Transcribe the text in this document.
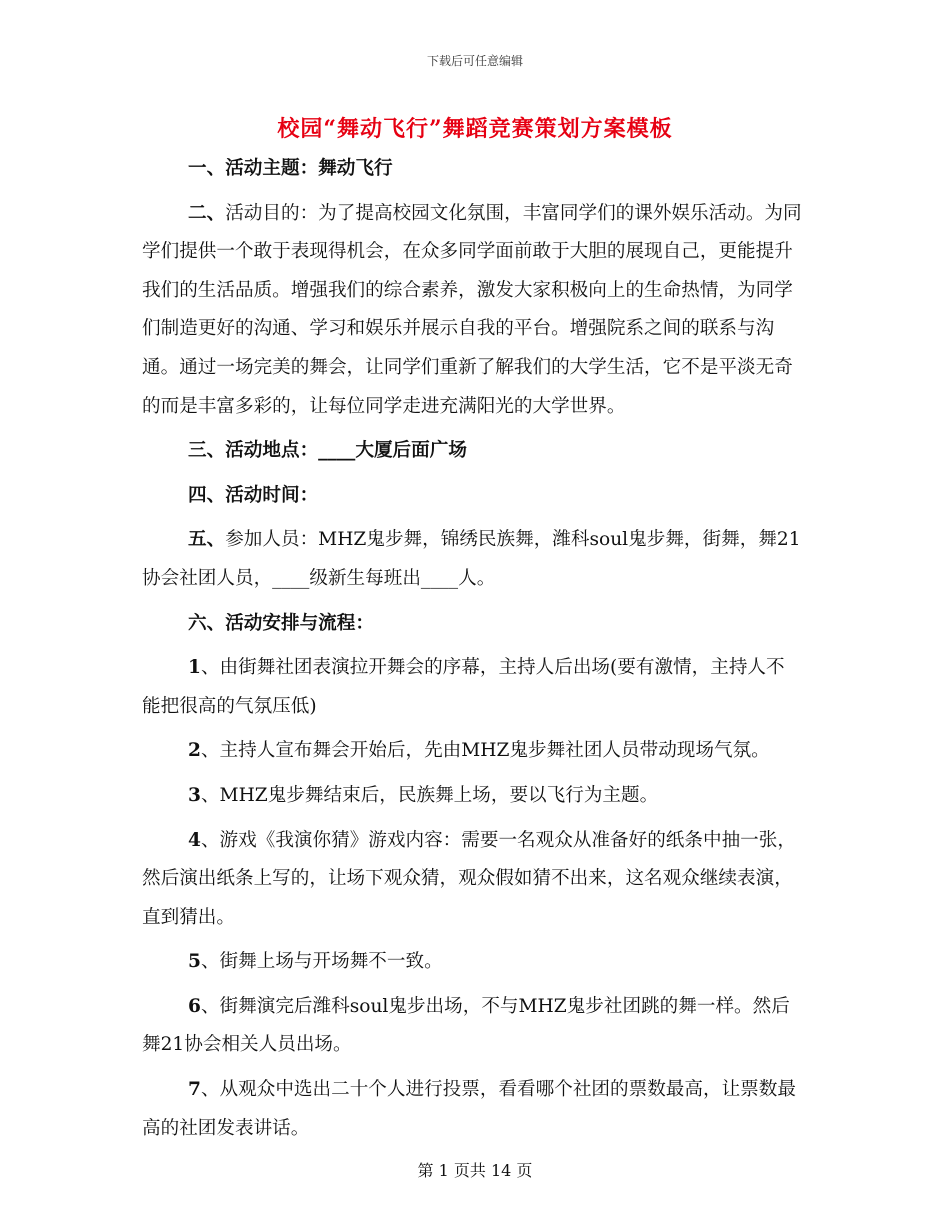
下载后可任意编辑
校园“舞动飞行”舞蹈竞赛策划方案模板

一、活动主题：舞动飞行

二、活动目的：为了提高校园文化氛围，丰富同学们的课外娱乐活动。为同学们提供一个敢于表现得机会，在众多同学面前敢于大胆的展现自己，更能提升我们的生活品质。增强我们的综合素养，激发大家积极向上的生命热情，为同学们制造更好的沟通、学习和娱乐并展示自我的平台。增强院系之间的联系与沟通。通过一场完美的舞会，让同学们重新了解我们的大学生活，它不是平淡无奇的而是丰富多彩的，让每位同学走进充满阳光的大学世界。

三、活动地点：____大厦后面广场

四、活动时间：

五、参加人员：MHZ鬼步舞，锦绣民族舞，潍科soul鬼步舞，街舞，舞21协会社团人员，____级新生每班出____人。

六、活动安排与流程：

1、由街舞社团表演拉开舞会的序幕，主持人后出场(要有激情，主持人不能把很高的气氛压低)

2、主持人宣布舞会开始后，先由MHZ鬼步舞社团人员带动现场气氛。

3、MHZ鬼步舞结束后，民族舞上场，要以飞行为主题。

4、游戏《我演你猜》游戏内容：需要一名观众从准备好的纸条中抽一张，然后演出纸条上写的，让场下观众猜，观众假如猜不出来，这名观众继续表演，直到猜出。

5、街舞上场与开场舞不一致。

6、街舞演完后潍科soul鬼步出场，不与MHZ鬼步社团跳的舞一样。然后舞21协会相关人员出场。

7、从观众中选出二十个人进行投票，看看哪个社团的票数最高，让票数最高的社团发表讲话。

第 1 页共 14 页
